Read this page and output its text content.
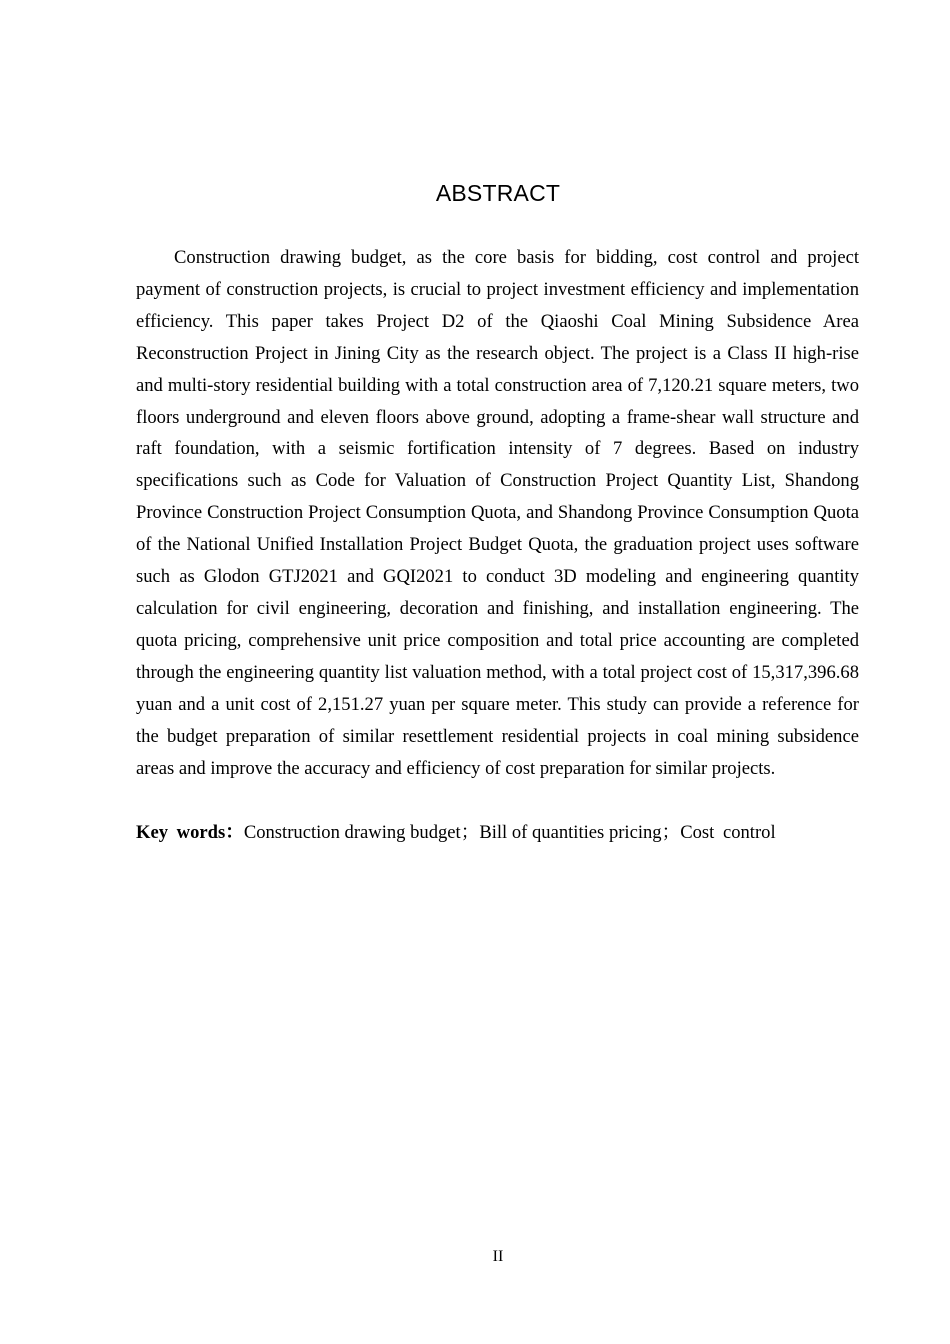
ABSTRACT

Construction drawing budget, as the core basis for bidding, cost control and project payment of construction projects, is crucial to project investment efficiency and implementation efficiency. This paper takes Project D2 of the Qiaoshi Coal Mining Subsidence Area Reconstruction Project in Jining City as the research object. The project is a Class II high-rise and multi-story residential building with a total construction area of 7,120.21 square meters, two floors underground and eleven floors above ground, adopting a frame-shear wall structure and raft foundation, with a seismic fortification intensity of 7 degrees. Based on industry specifications such as Code for Valuation of Construction Project Quantity List, Shandong Province Construction Project Consumption Quota, and Shandong Province Consumption Quota of the National Unified Installation Project Budget Quota, the graduation project uses software such as Glodon GTJ2021 and GQI2021 to conduct 3D modeling and engineering quantity calculation for civil engineering, decoration and finishing, and installation engineering. The quota pricing, comprehensive unit price composition and total price accounting are completed through the engineering quantity list valuation method, with a total project cost of 15,317,396.68 yuan and a unit cost of 2,151.27 yuan per square meter. This study can provide a reference for the budget preparation of similar resettlement residential projects in coal mining subsidence areas and improve the accuracy and efficiency of cost preparation for similar projects.

Key words：Construction drawing budget；Bill of quantities pricing；Cost control

II
